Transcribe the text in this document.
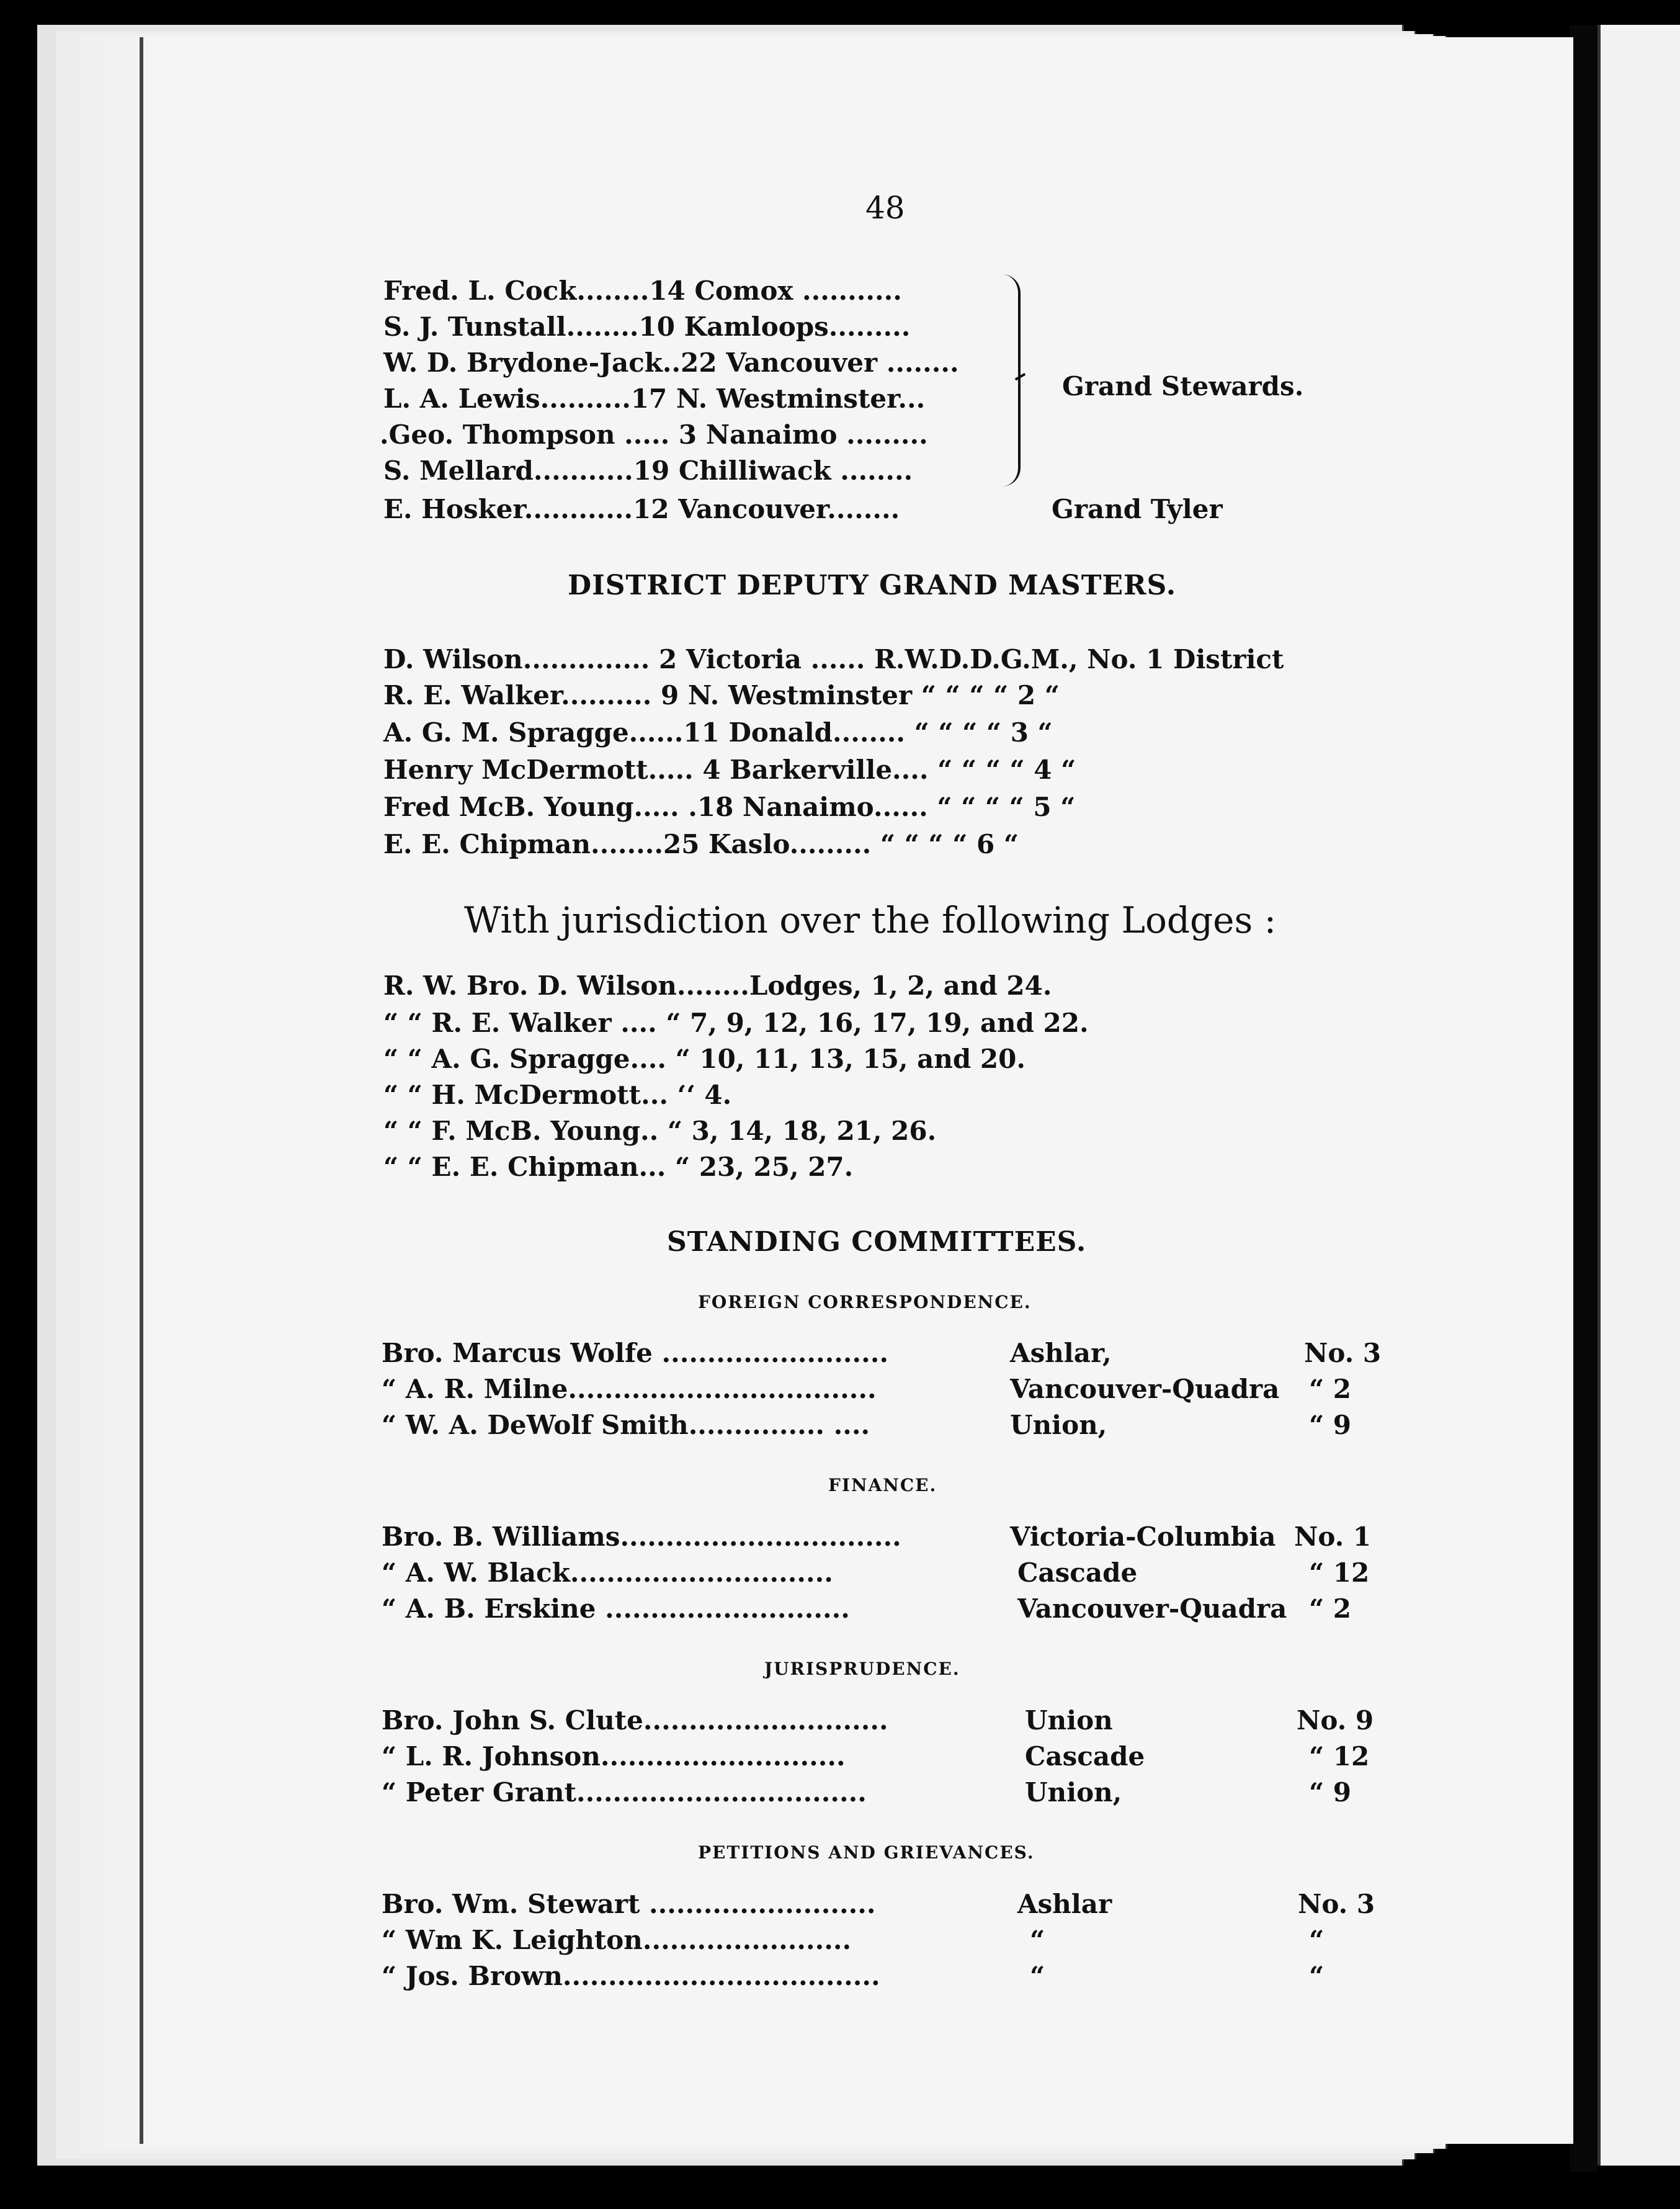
48
Fred. L. Cock........14 Comox ...........
S. J. Tunstall........10 Kamloops.........
W. D. Brydone-Jack..22 Vancouver ........
L. A. Lewis..........17 N. Westminster...
.Geo. Thompson ..... 3 Nanaimo .........
S. Mellard...........19 Chilliwack ........
E. Hosker............12 Vancouver........
Grand Stewards.
Grand Tyler
DISTRICT DEPUTY GRAND MASTERS.
D. Wilson.............. 2 Victoria ...... R.W.D.D.G.M., No. 1 District
R. E. Walker.......... 9 N. Westminster “ “ “ “ 2 “
A. G. M. Spragge......11 Donald........ “ “ “ “ 3 “
Henry McDermott..... 4 Barkerville.... “ “ “ “ 4 “
Fred McB. Young..... .18 Nanaimo...... “ “ “ “ 5 “
E. E. Chipman........25 Kaslo......... “ “ “ “ 6 “
With jurisdiction over the following Lodges :
R. W. Bro. D. Wilson........Lodges, 1, 2, and 24.
“ “ R. E. Walker .... “ 7, 9, 12, 16, 17, 19, and 22.
“ “ A. G. Spragge.... “ 10, 11, 13, 15, and 20.
“ “ H. McDermott... ‘‘ 4.
“ “ F. McB. Young.. “ 3, 14, 18, 21, 26.
“ “ E. E. Chipman... “ 23, 25, 27.
STANDING COMMITTEES.
FOREIGN CORRESPONDENCE.
Bro. Marcus Wolfe .........................	Ashlar,	No. 3
“ A. R. Milne..................................	Vancouver-Quadra “ 2
“ W. A. DeWolf Smith............... ....	Union,	“ 9
FINANCE.
Bro. B. Williams...............................	Victoria-Columbia No. 1
“ A. W. Black.............................	Cascade	“ 12
“ A. B. Erskine ...........................	Vancouver-Quadra “ 2
JURISPRUDENCE.
Bro. John S. Clute...........................	Union	No. 9
“ L. R. Johnson...........................	Cascade	“ 12
“ Peter Grant................................	Union,	“ 9
PETITIONS AND GRIEVANCES.
Bro. Wm. Stewart .........................	Ashlar	No. 3
“ Wm K. Leighton.......................	“	“
“ Jos. Brown...................................	“	“
